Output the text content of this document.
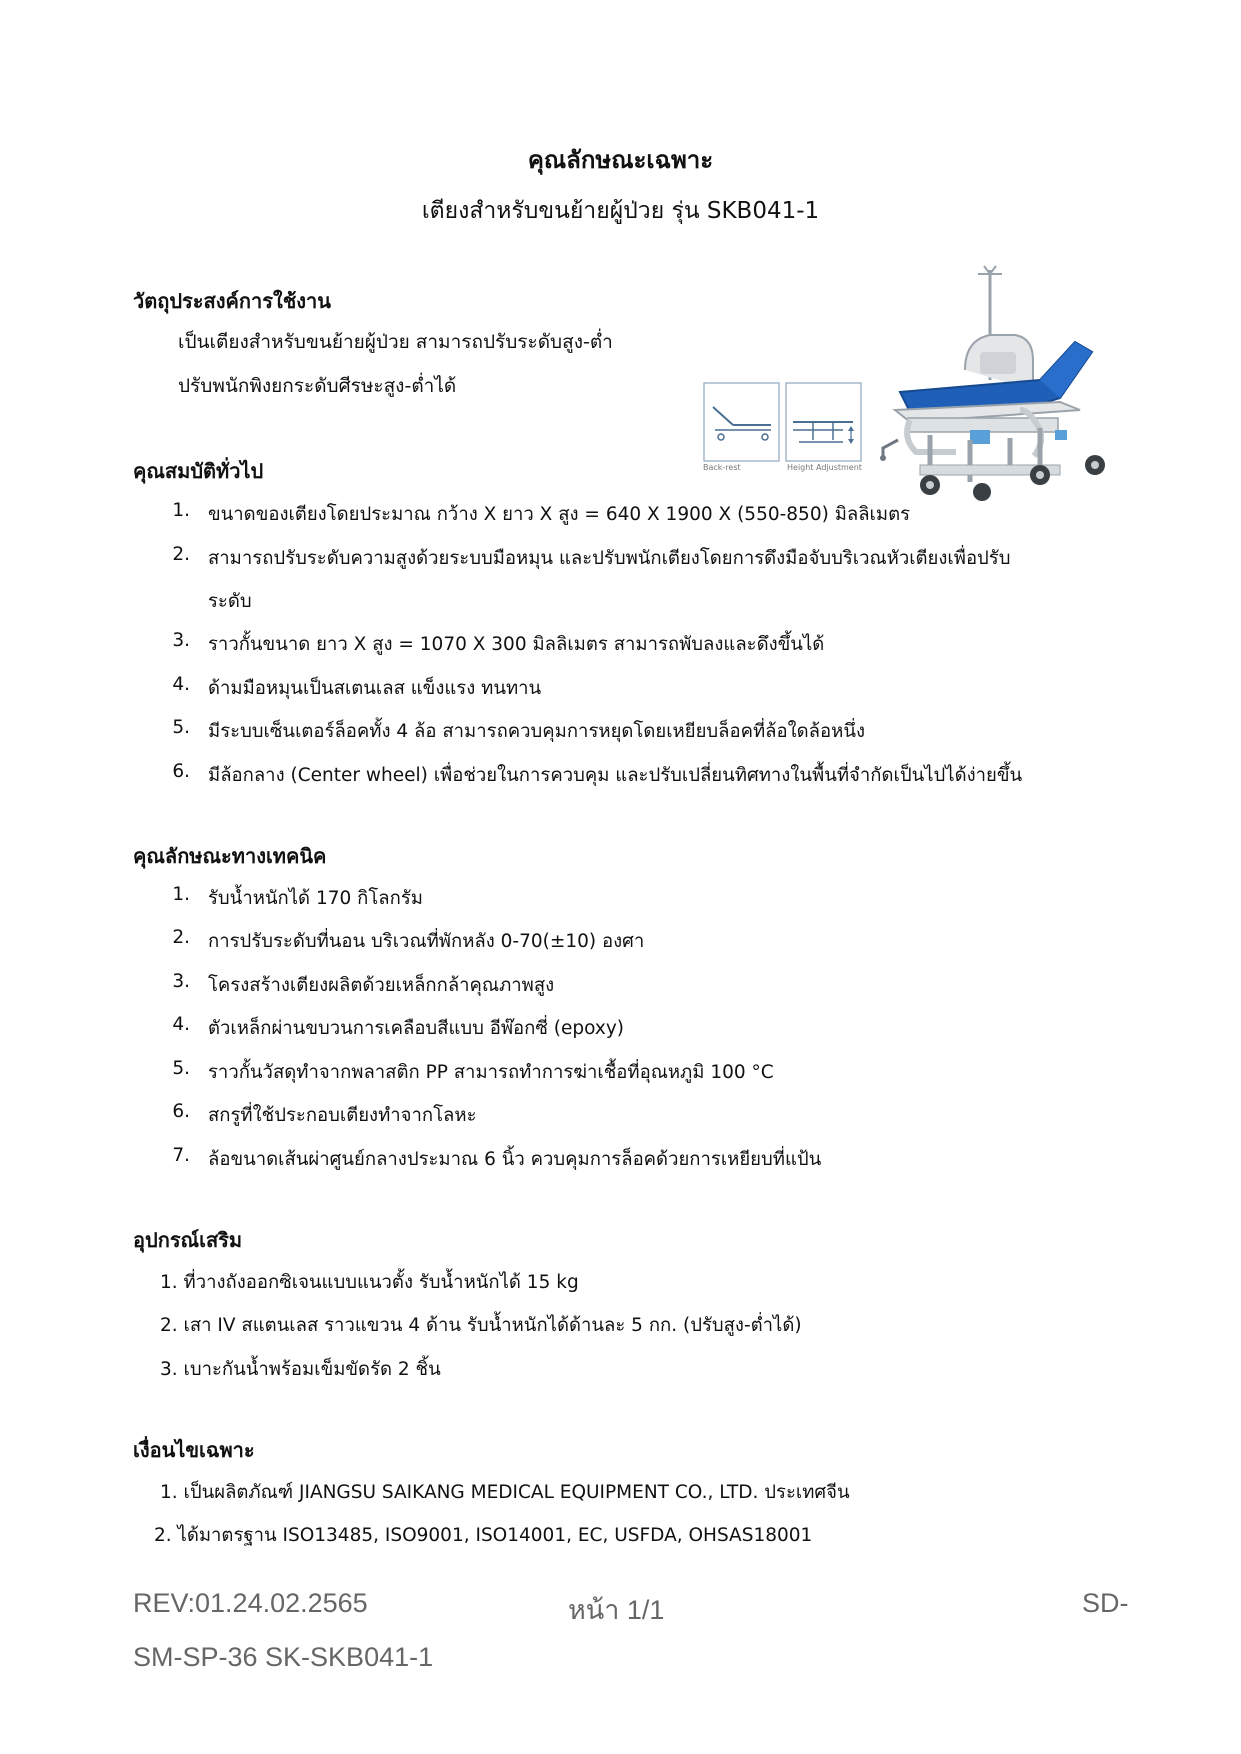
คุณลักษณะเฉพาะ
เตียงสำหรับขนย้ายผู้ป่วย รุ่น SKB041-1
วัตถุประสงค์การใช้งาน
เป็นเตียงสำหรับขนย้ายผู้ป่วย สามารถปรับระดับสูง-ต่ำ
ปรับพนักพิงยกระดับศีรษะสูง-ต่ำได้
Back-rest	Height Adjustment
คุณสมบัติทั่วไป
1. ขนาดของเตียงโดยประมาณ กว้าง X ยาว X สูง = 640 X 1900 X (550-850) มิลลิเมตร
2. สามารถปรับระดับความสูงด้วยระบบมือหมุน และปรับพนักเตียงโดยการดึงมือจับบริเวณหัวเตียงเพื่อปรับ
ระดับ
3. ราวกั้นขนาด ยาว X สูง = 1070 X 300 มิลลิเมตร สามารถพับลงและดึงขึ้นได้
4. ด้ามมือหมุนเป็นสเตนเลส แข็งแรง ทนทาน
5. มีระบบเซ็นเตอร์ล็อคทั้ง 4 ล้อ สามารถควบคุมการหยุดโดยเหยียบล็อคที่ล้อใดล้อหนึ่ง
6. มีล้อกลาง (Center wheel) เพื่อช่วยในการควบคุม และปรับเปลี่ยนทิศทางในพื้นที่จำกัดเป็นไปได้ง่ายขึ้น
คุณลักษณะทางเทคนิค
1. รับน้ำหนักได้ 170 กิโลกรัม
2. การปรับระดับที่นอน บริเวณที่พักหลัง 0-70(±10) องศา
3. โครงสร้างเตียงผลิตด้วยเหล็กกล้าคุณภาพสูง
4. ตัวเหล็กผ่านขบวนการเคลือบสีแบบ อีพ๊อกซี่ (epoxy)
5. ราวกั้นวัสดุทำจากพลาสติก PP สามารถทำการฆ่าเชื้อที่อุณหภูมิ 100 °C
6. สกรูที่ใช้ประกอบเตียงทำจากโลหะ
7. ล้อขนาดเส้นผ่าศูนย์กลางประมาณ 6 นิ้ว ควบคุมการล็อคด้วยการเหยียบที่แป้น
อุปกรณ์เสริม
1. ที่วางถังออกซิเจนแบบแนวตั้ง รับน้ำหนักได้ 15 kg
2. เสา IV สแตนเลส ราวแขวน 4 ด้าน รับน้ำหนักได้ด้านละ 5 กก. (ปรับสูง-ต่ำได้)
3. เบาะกันน้ำพร้อมเข็มขัดรัด 2 ชิ้น
เงื่อนไขเฉพาะ
1. เป็นผลิตภัณฑ์ JIANGSU SAIKANG MEDICAL EQUIPMENT CO., LTD. ประเทศจีน
2. ได้มาตรฐาน ISO13485, ISO9001, ISO14001, EC, USFDA, OHSAS18001
REV:01.24.02.2565	หน้า 1/1	SD-
SM-SP-36 SK-SKB041-1
